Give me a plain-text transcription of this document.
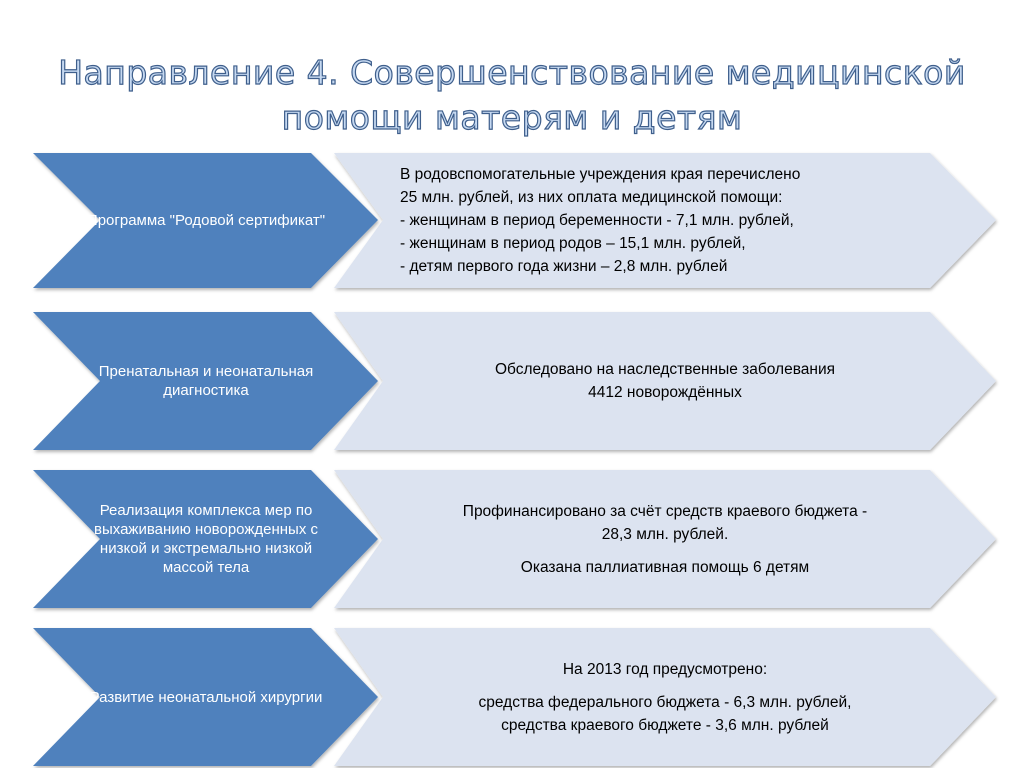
Направление 4. Совершенствование медицинской
помощи матерям и детям
Программа "Родовой сертификат"
Пренатальная и неонатальная диагностика
Реализация комплекса мер по выхаживанию новорожденных с низкой и экстремально низкой массой тела
Развитие неонатальной хирургии

В родовспомогательные учреждения края перечислено

25 млн. рублей, из них оплата медицинской помощи:

- женщинам в период беременности - 7,1 млн. рублей,

- женщинам в период родов – 15,1 млн. рублей,

- детям первого года жизни – 2,8 млн. рублей

Обследовано на наследственные заболевания

4412 новорождённых

Профинансировано за счёт средств краевого бюджета -

28,3 млн. рублей.

Оказана паллиативная помощь 6 детям

На 2013 год предусмотрено:

средства федерального бюджета - 6,3 млн. рублей,

средства краевого бюджете - 3,6 млн. рублей
